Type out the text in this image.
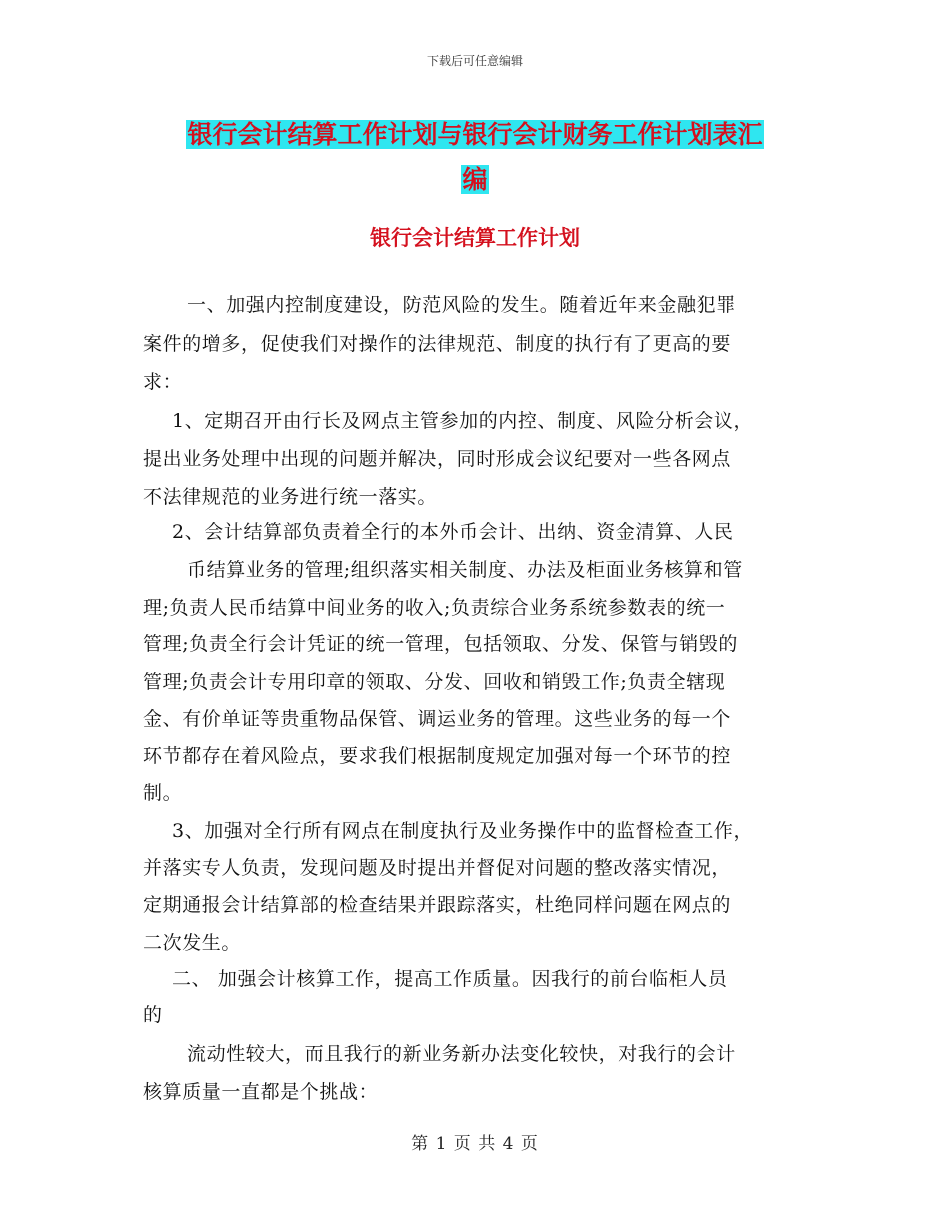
下载后可任意编辑
银行会计结算工作计划与银行会计财务工作计划表汇
编
银行会计结算工作计划
一、加强内控制度建设，防范风险的发生。随着近年来金融犯罪
案件的增多，促使我们对操作的法律规范、制度的执行有了更高的要
求：
1、定期召开由行长及网点主管参加的内控、制度、风险分析会议，
提出业务处理中出现的问题并解决，同时形成会议纪要对一些各网点
不法律规范的业务进行统一落实。
2、会计结算部负责着全行的本外币会计、出纳、资金清算、人民
币结算业务的管理;组织落实相关制度、办法及柜面业务核算和管
理;负责人民币结算中间业务的收入;负责综合业务系统参数表的统一
管理;负责全行会计凭证的统一管理，包括领取、分发、保管与销毁的
管理;负责会计专用印章的领取、分发、回收和销毁工作;负责全辖现
金、有价单证等贵重物品保管、调运业务的管理。这些业务的每一个
环节都存在着风险点，要求我们根据制度规定加强对每一个环节的控
制。
3、加强对全行所有网点在制度执行及业务操作中的监督检查工作，
并落实专人负责，发现问题及时提出并督促对问题的整改落实情况，
定期通报会计结算部的检查结果并跟踪落实，杜绝同样问题在网点的
二次发生。
二、 加强会计核算工作，提高工作质量。因我行的前台临柜人员
的
流动性较大，而且我行的新业务新办法变化较快，对我行的会计
核算质量一直都是个挑战：
第 1 页 共 4 页
